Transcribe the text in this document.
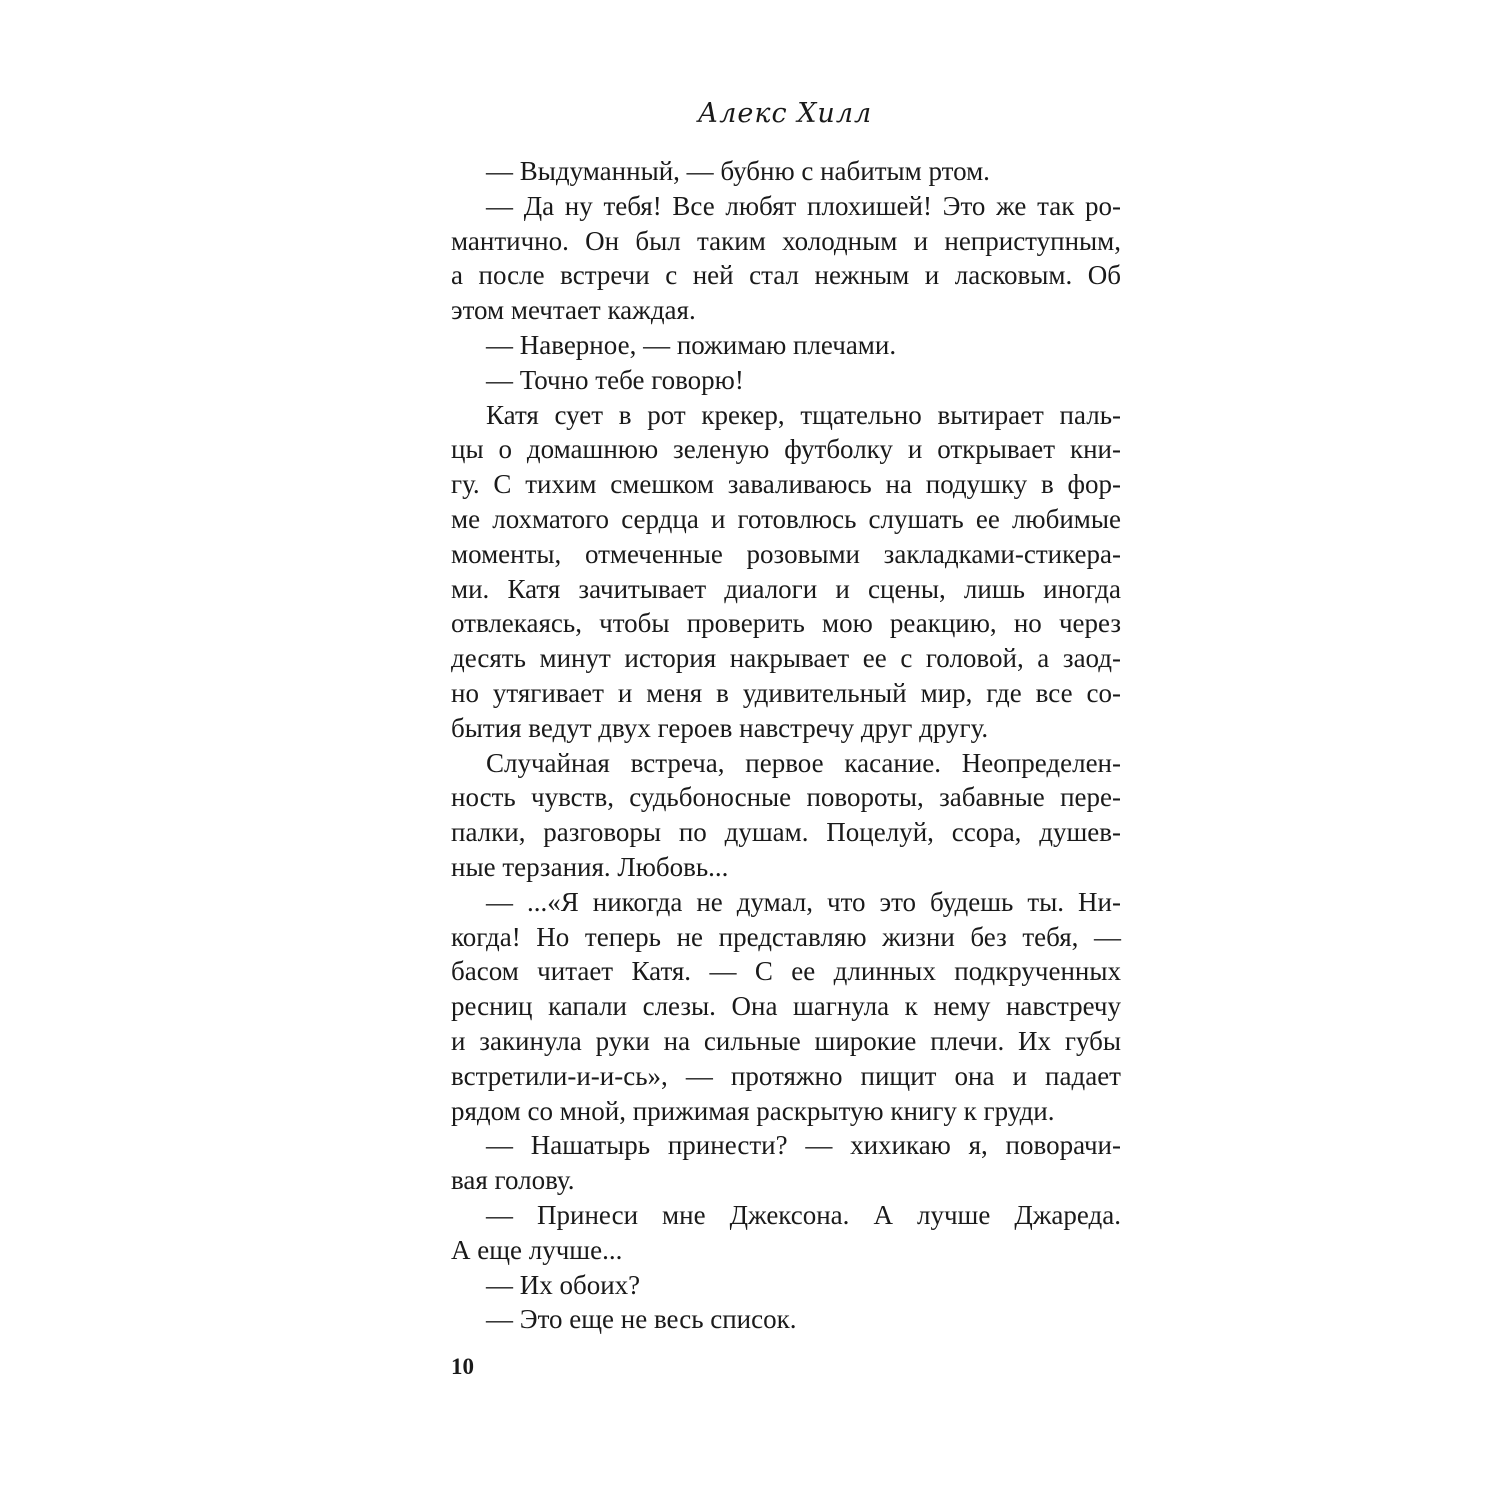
Алекс Хилл
— Выдуманный, — бубню с набитым ртом.
— Да ну тебя! Все любят плохишей! Это же так ро-
мантично. Он был таким холодным и неприступным,
а после встречи с ней стал нежным и ласковым. Об
этом мечтает каждая.
— Наверное, — пожимаю плечами.
— Точно тебе говорю!
Катя сует в рот крекер, тщательно вытирает паль-
цы о домашнюю зеленую футболку и открывает кни-
гу. С тихим смешком заваливаюсь на подушку в фор-
ме лохматого сердца и готовлюсь слушать ее любимые
моменты, отмеченные розовыми закладками-стикера-
ми. Катя зачитывает диалоги и сцены, лишь иногда
отвлекаясь, чтобы проверить мою реакцию, но через
десять минут история накрывает ее с головой, а заод-
но утягивает и меня в удивительный мир, где все со-
бытия ведут двух героев навстречу друг другу.
Случайная встреча, первое касание. Неопределен-
ность чувств, судьбоносные повороты, забавные пере-
палки, разговоры по душам. Поцелуй, ссора, душев-
ные терзания. Любовь...
— ...«Я никогда не думал, что это будешь ты. Ни-
когда! Но теперь не представляю жизни без тебя, —
басом читает Катя. — С ее длинных подкрученных
ресниц капали слезы. Она шагнула к нему навстречу
и закинула руки на сильные широкие плечи. Их губы
встретили-и-и-сь», — протяжно пищит она и падает
рядом со мной, прижимая раскрытую книгу к груди.
— Нашатырь принести? — хихикаю я, поворачи-
вая голову.
— Принеси мне Джексона. А лучше Джареда.
А еще лучше...
— Их обоих?
— Это еще не весь список.
10
